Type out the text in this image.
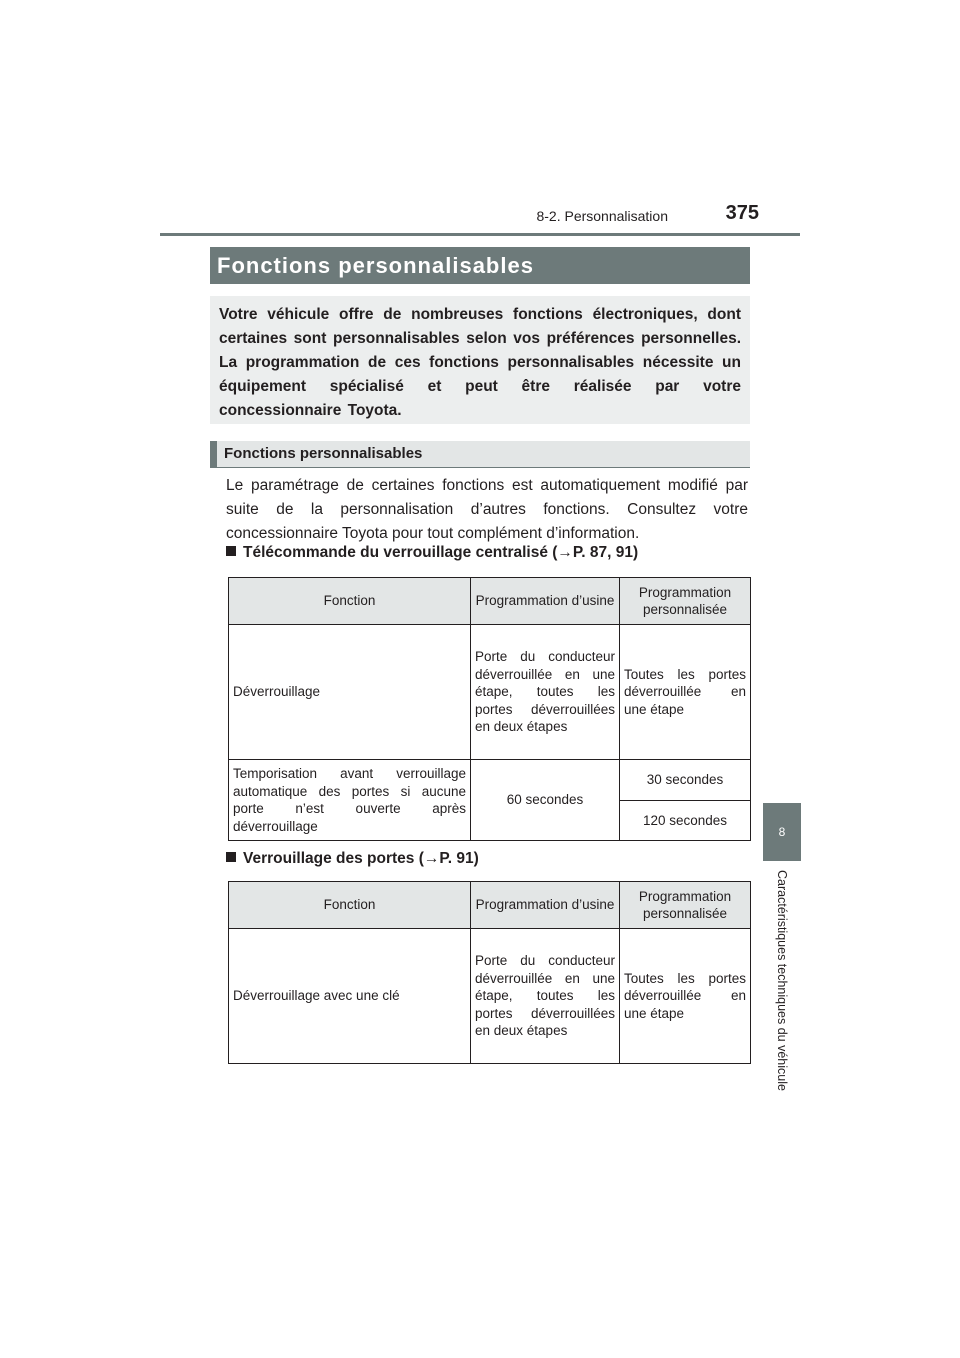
8-2. Personnalisation	375
8
Caractéristiques techniques du véhicule
Fonctions personnalisables

Votre véhicule offre de nombreuses fonctions électroniques, dont certaines sont personnalisables selon vos préférences personnelles. La programmation de ces fonctions personnalisables nécessite un équipement spécialisé et peut être réalisée par votre concessionnaire Toyota.

Fonctions personnalisables

Le paramétrage de certaines fonctions est automatiquement modifié par suite de la personnalisation d’autres fonctions. Consultez votre concessionnaire Toyota pour tout complément d’information.

Télécommande du verrouillage centralisé (→P. 87, 91)
Fonction	Programmation d’usine	Programmation personnalisée
Déverrouillage	Porte du conducteur déverrouillée en une étape, toutes les portes déverrouillées en deux étapes	Toutes les portes déverrouillée en une étape
Temporisation avant verrouillage automatique des portes si aucune porte n’est ouverte après déverrouillage	60 secondes	30 secondes
		120 secondes
Verrouillage des portes (→P. 91)
Fonction	Programmation d’usine	Programmation personnalisée
Déverrouillage avec une clé	Porte du conducteur déverrouillée en une étape, toutes les portes déverrouillées en deux étapes	Toutes les portes déverrouillée en une étape
